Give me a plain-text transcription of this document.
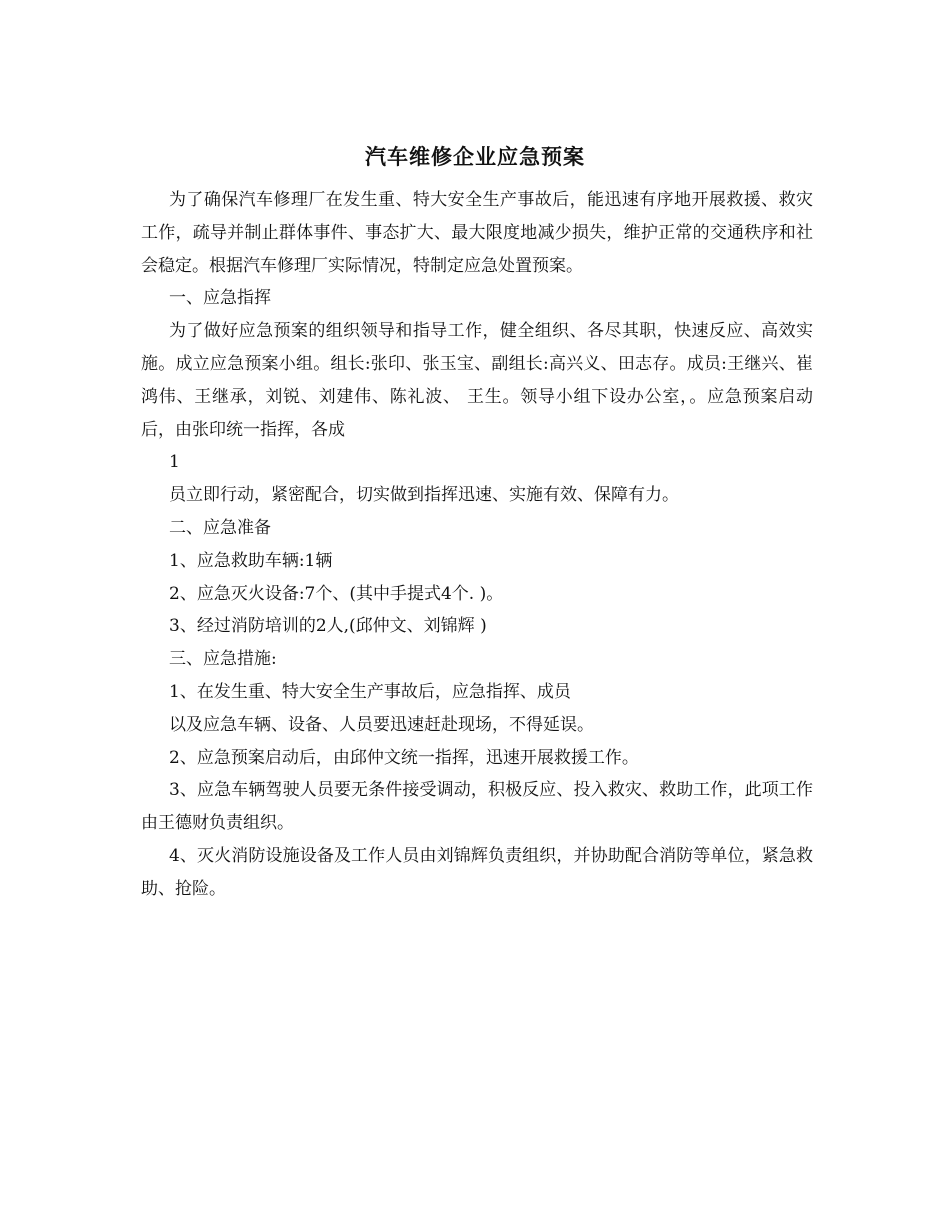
汽车维修企业应急预案

为了确保汽车修理厂在发生重、特大安全生产事故后，能迅速有序地开展救援、救灾工作，疏导并制止群体事件、事态扩大、最大限度地减少损失，维护正常的交通秩序和社会稳定。根据汽车修理厂实际情况，特制定应急处置预案。

一、应急指挥

为了做好应急预案的组织领导和指导工作，健全组织、各尽其职，快速反应、高效实施。成立应急预案小组。组长:张印、张玉宝、副组长:高兴义、田志存。成员:王继兴、崔鸿伟、王继承，刘锐、刘建伟、陈礼波、 王生。领导小组下设办公室，。应急预案启动后，由张印统一指挥，各成

1

员立即行动，紧密配合，切实做到指挥迅速、实施有效、保障有力。

二、应急准备

1、应急救助车辆:1辆

2、应急灭火设备:7个、(其中手提式4个. )。

3、经过消防培训的2人,(邱仲文、刘锦辉 )

三、应急措施:

1、在发生重、特大安全生产事故后，应急指挥、成员

以及应急车辆、设备、人员要迅速赶赴现场，不得延误。

2、应急预案启动后，由邱仲文统一指挥，迅速开展救援工作。

3、应急车辆驾驶人员要无条件接受调动，积极反应、投入救灾、救助工作，此项工作由王德财负责组织。

4、灭火消防设施设备及工作人员由刘锦辉负责组织，并协助配合消防等单位，紧急救助、抢险。
